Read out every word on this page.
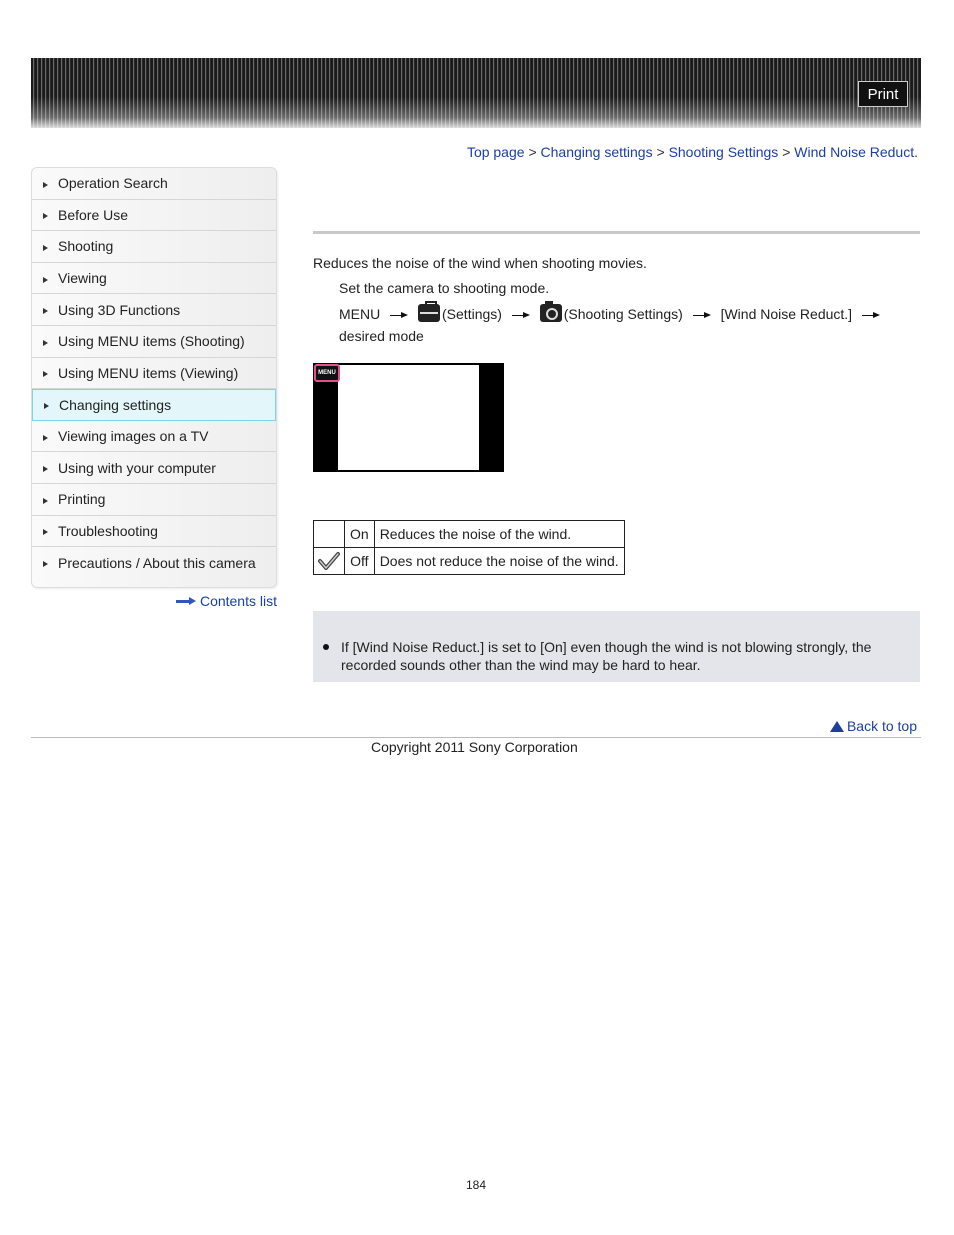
Print
Top page > Changing settings > Shooting Settings > Wind Noise Reduct.
Operation Search
Before Use
Shooting
Viewing
Using 3D Functions
Using MENU items (Shooting)
Using MENU items (Viewing)
Changing settings
Viewing images on a TV
Using with your computer
Printing
Troubleshooting
Precautions / About this camera
Contents list
Reduces the noise of the wind when shooting movies.
Set the camera to shooting mode.
MENU	(Settings)	(Shooting Settings)	[Wind Noise Reduct.]  desired mode
MENU
	On	Reduces the noise of the wind.

	Off	Does not reduce the noise of the wind.
If [Wind Noise Reduct.] is set to [On] even though the wind is not blowing strongly, the recorded sounds other than the wind may be hard to hear.
Back to top
Copyright 2011 Sony Corporation
184
